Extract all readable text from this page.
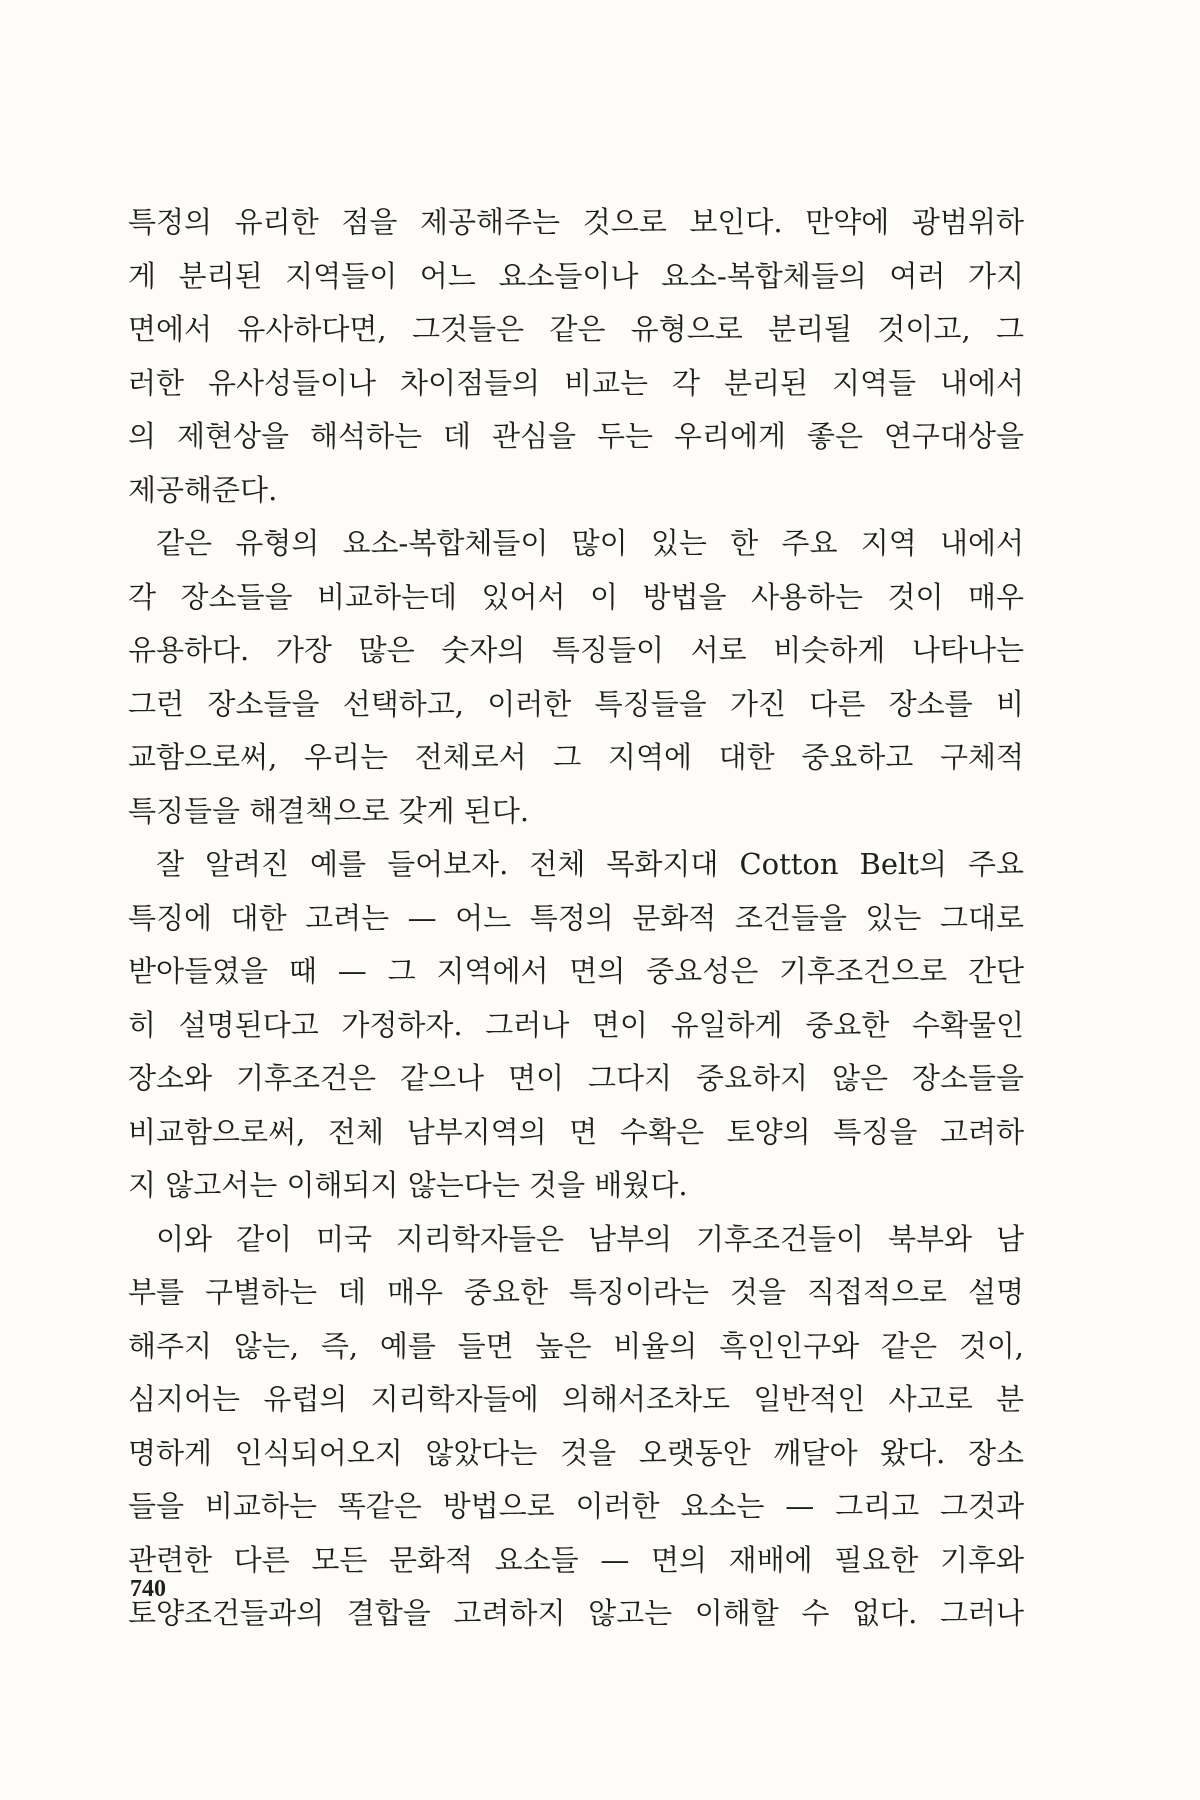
특정의 유리한 점을 제공해주는 것으로 보인다. 만약에 광범위하
게 분리된 지역들이 어느 요소들이나 요소-복합체들의 여러 가지
면에서 유사하다면, 그것들은 같은 유형으로 분리될 것이고, 그
러한 유사성들이나 차이점들의 비교는 각 분리된 지역들 내에서
의 제현상을 해석하는 데 관심을 두는 우리에게 좋은 연구대상을
제공해준다.
같은 유형의 요소-복합체들이 많이 있는 한 주요 지역 내에서
각 장소들을 비교하는데 있어서 이 방법을 사용하는 것이 매우
유용하다. 가장 많은 숫자의 특징들이 서로 비슷하게 나타나는
그런 장소들을 선택하고, 이러한 특징들을 가진 다른 장소를 비
교함으로써, 우리는 전체로서 그 지역에 대한 중요하고 구체적
특징들을 해결책으로 갖게 된다.
잘 알려진 예를 들어보자. 전체 목화지대 Cotton Belt의 주요
특징에 대한 고려는 — 어느 특정의 문화적 조건들을 있는 그대로
받아들였을 때 — 그 지역에서 면의 중요성은 기후조건으로 간단
히 설명된다고 가정하자. 그러나 면이 유일하게 중요한 수확물인
장소와 기후조건은 같으나 면이 그다지 중요하지 않은 장소들을
비교함으로써, 전체 남부지역의 면 수확은 토양의 특징을 고려하
지 않고서는 이해되지 않는다는 것을 배웠다.
이와 같이 미국 지리학자들은 남부의 기후조건들이 북부와 남
부를 구별하는 데 매우 중요한 특징이라는 것을 직접적으로 설명
해주지 않는, 즉, 예를 들면 높은 비율의 흑인인구와 같은 것이,
심지어는 유럽의 지리학자들에 의해서조차도 일반적인 사고로 분
명하게 인식되어오지 않았다는 것을 오랫동안 깨달아 왔다. 장소
들을 비교하는 똑같은 방법으로 이러한 요소는 — 그리고 그것과
관련한 다른 모든 문화적 요소들 — 면의 재배에 필요한 기후와
토양조건들과의 결합을 고려하지 않고는 이해할 수 없다. 그러나
740
